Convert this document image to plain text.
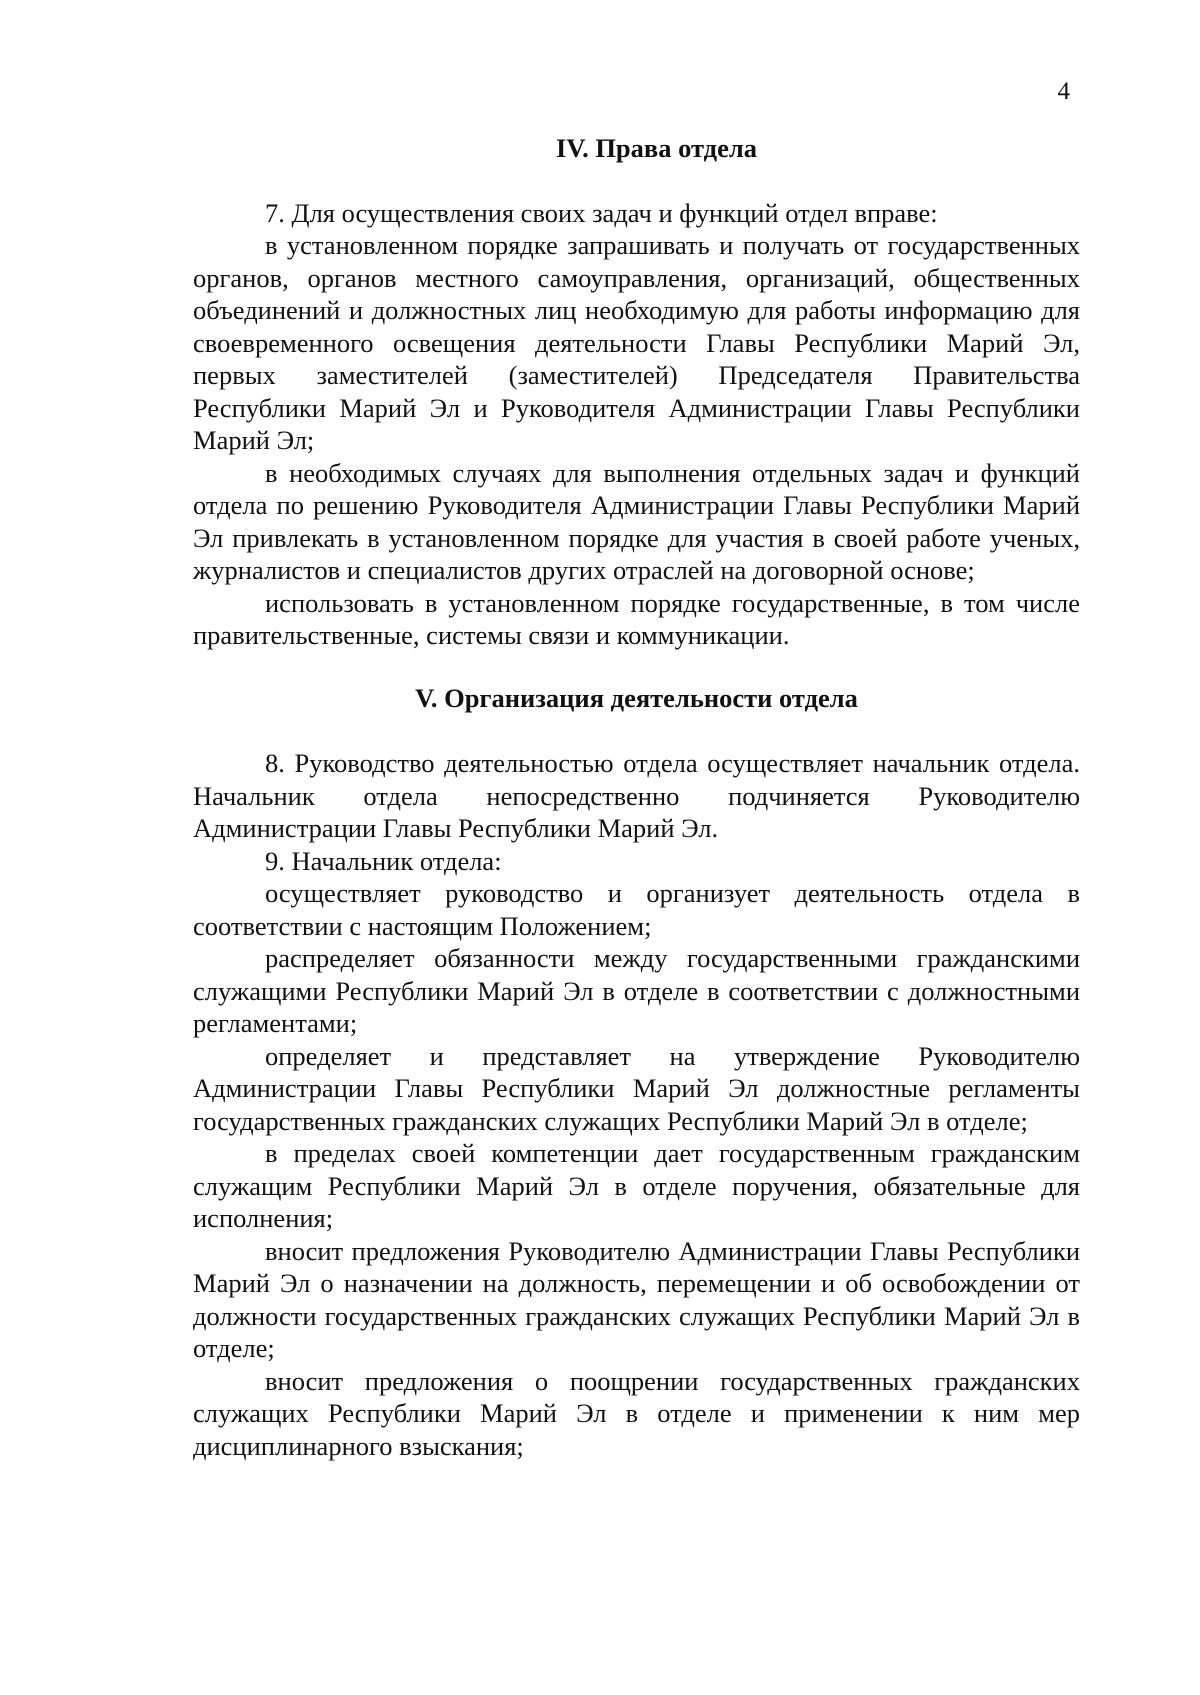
4
IV. Права отдела

7. Для осуществления своих задач и функций отдел вправе:

в установленном порядке запрашивать и получать от государственных органов, органов местного самоуправления, организаций, общественных объединений и должностных лиц необходимую для работы информацию для своевременного освещения деятельности Главы Республики Марий Эл, первых заместителей (заместителей) Председателя Правительства Республики Марий Эл и Руководителя Администрации Главы Республики Марий Эл;

в необходимых случаях для выполнения отдельных задач и функций отдела по решению Руководителя Администрации Главы Республики Марий Эл привлекать в установленном порядке для участия в своей работе ученых, журналистов и специалистов других отраслей на договорной основе;

использовать в установленном порядке государственные, в том числе правительственные, системы связи и коммуникации.

V. Организация деятельности отдела

8. Руководство деятельностью отдела осуществляет начальник отдела. Начальник отдела непосредственно подчиняется Руководителю Администрации Главы Республики Марий Эл.

9. Начальник отдела:

осуществляет руководство и организует деятельность отдела в соответствии с настоящим Положением;

распределяет обязанности между государственными гражданскими служащими Республики Марий Эл в отделе в соответствии с должностными регламентами;

определяет и представляет на утверждение Руководителю Администрации Главы Республики Марий Эл должностные регламенты государственных гражданских служащих Республики Марий Эл в отделе;

в пределах своей компетенции дает государственным гражданским служащим Республики Марий Эл в отделе поручения, обязательные для исполнения;

вносит предложения Руководителю Администрации Главы Республики Марий Эл о назначении на должность, перемещении и об освобождении от должности государственных гражданских служащих Республики Марий Эл в отделе;

вносит предложения о поощрении государственных гражданских служащих Республики Марий Эл в отделе и применении к ним мер дисциплинарного взыскания;
